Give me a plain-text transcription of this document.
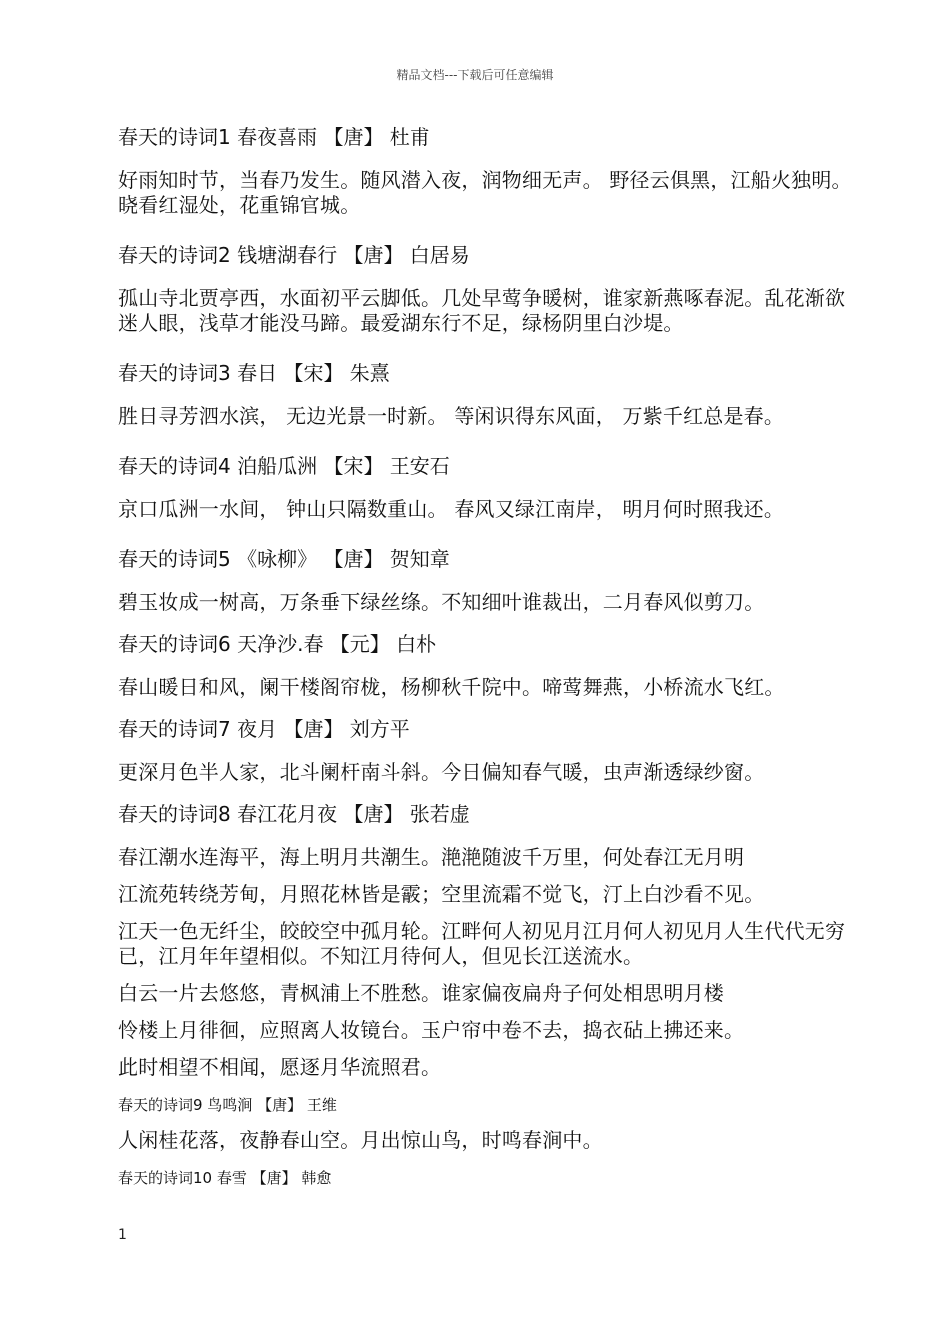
精品文档---下载后可任意编辑
春天的诗词1 春夜喜雨 【唐】 杜甫
好雨知时节，当春乃发生。随风潜入夜，润物细无声。 野径云俱黑，江船火独明。晓看红湿处，花重锦官城。
春天的诗词2 钱塘湖春行 【唐】 白居易
孤山寺北贾亭西，水面初平云脚低。几处早莺争暖树，谁家新燕啄春泥。乱花渐欲迷人眼，浅草才能没马蹄。最爱湖东行不足，绿杨阴里白沙堤。
春天的诗词3 春日 【宋】 朱熹
胜日寻芳泗水滨， 无边光景一时新。 等闲识得东风面， 万紫千红总是春。
春天的诗词4 泊船瓜洲 【宋】 王安石
京口瓜洲一水间， 钟山只隔数重山。 春风又绿江南岸， 明月何时照我还。
春天的诗词5 《咏柳》 【唐】 贺知章
碧玉妆成一树高，万条垂下绿丝绦。不知细叶谁裁出，二月春风似剪刀。
春天的诗词6 天净沙.春 【元】 白朴
春山暖日和风，阑干楼阁帘栊，杨柳秋千院中。啼莺舞燕，小桥流水飞红。
春天的诗词7 夜月 【唐】 刘方平
更深月色半人家，北斗阑杆南斗斜。今日偏知春气暖，虫声渐透绿纱窗。
春天的诗词8 春江花月夜 【唐】 张若虚
春江潮水连海平，海上明月共潮生。滟滟随波千万里，何处春江无月明
江流苑转绕芳甸，月照花林皆是霰；空里流霜不觉飞，汀上白沙看不见。
江天一色无纤尘，皎皎空中孤月轮。江畔何人初见月江月何人初见月人生代代无穷已，江月年年望相似。不知江月待何人，但见长江送流水。
白云一片去悠悠，青枫浦上不胜愁。谁家偏夜扁舟子何处相思明月楼
怜楼上月徘徊，应照离人妆镜台。玉户帘中卷不去，捣衣砧上拂还来。
此时相望不相闻，愿逐月华流照君。
春天的诗词9 鸟鸣涧 【唐】 王维
人闲桂花落，夜静春山空。月出惊山鸟，时鸣春涧中。
春天的诗词10 春雪 【唐】 韩愈
1
